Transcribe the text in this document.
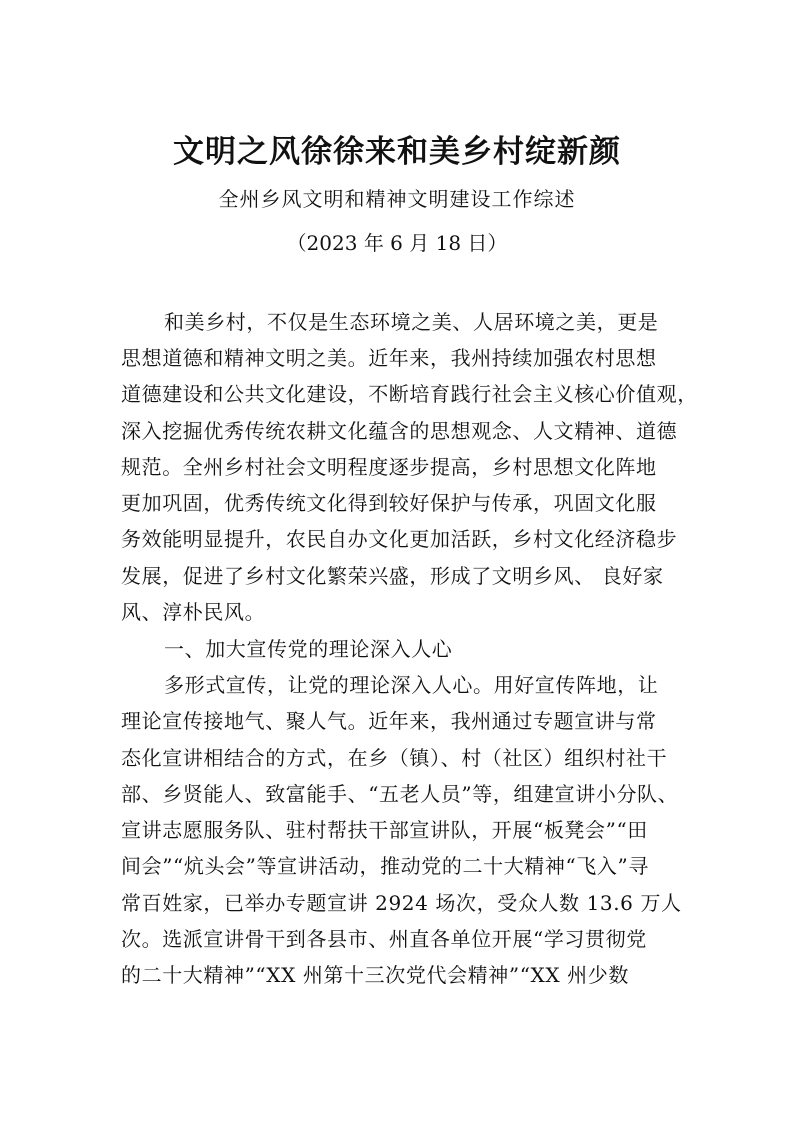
文明之风徐徐来和美乡村绽新颜
全州乡风文明和精神文明建设工作综述
（2023 年 6 月 18 日）
和美乡村，不仅是生态环境之美、人居环境之美，更是
思想道德和精神文明之美。近年来，我州持续加强农村思想
道德建设和公共文化建设，不断培育践行社会主义核心价值观，
深入挖掘优秀传统农耕文化蕴含的思想观念、人文精神、道德
规范。全州乡村社会文明程度逐步提高，乡村思想文化阵地
更加巩固，优秀传统文化得到较好保护与传承，巩固文化服
务效能明显提升，农民自办文化更加活跃，乡村文化经济稳步
发展，促进了乡村文化繁荣兴盛，形成了文明乡风、 良好家
风、淳朴民风。
一、加大宣传党的理论深入人心
多形式宣传，让党的理论深入人心。用好宣传阵地，让
理论宣传接地气、聚人气。近年来，我州通过专题宣讲与常
态化宣讲相结合的方式，在乡（镇）、村（社区）组织村社干
部、乡贤能人、致富能手、“五老人员”等，组建宣讲小分队、
宣讲志愿服务队、驻村帮扶干部宣讲队，开展“板凳会”“田
间会”“炕头会”等宣讲活动，推动党的二十大精神“飞入”寻
常百姓家，已举办专题宣讲 2924 场次，受众人数 13.6 万人
次。选派宣讲骨干到各县市、州直各单位开展“学习贯彻党
的二十大精神”“XX 州第十三次党代会精神”“XX 州少数
